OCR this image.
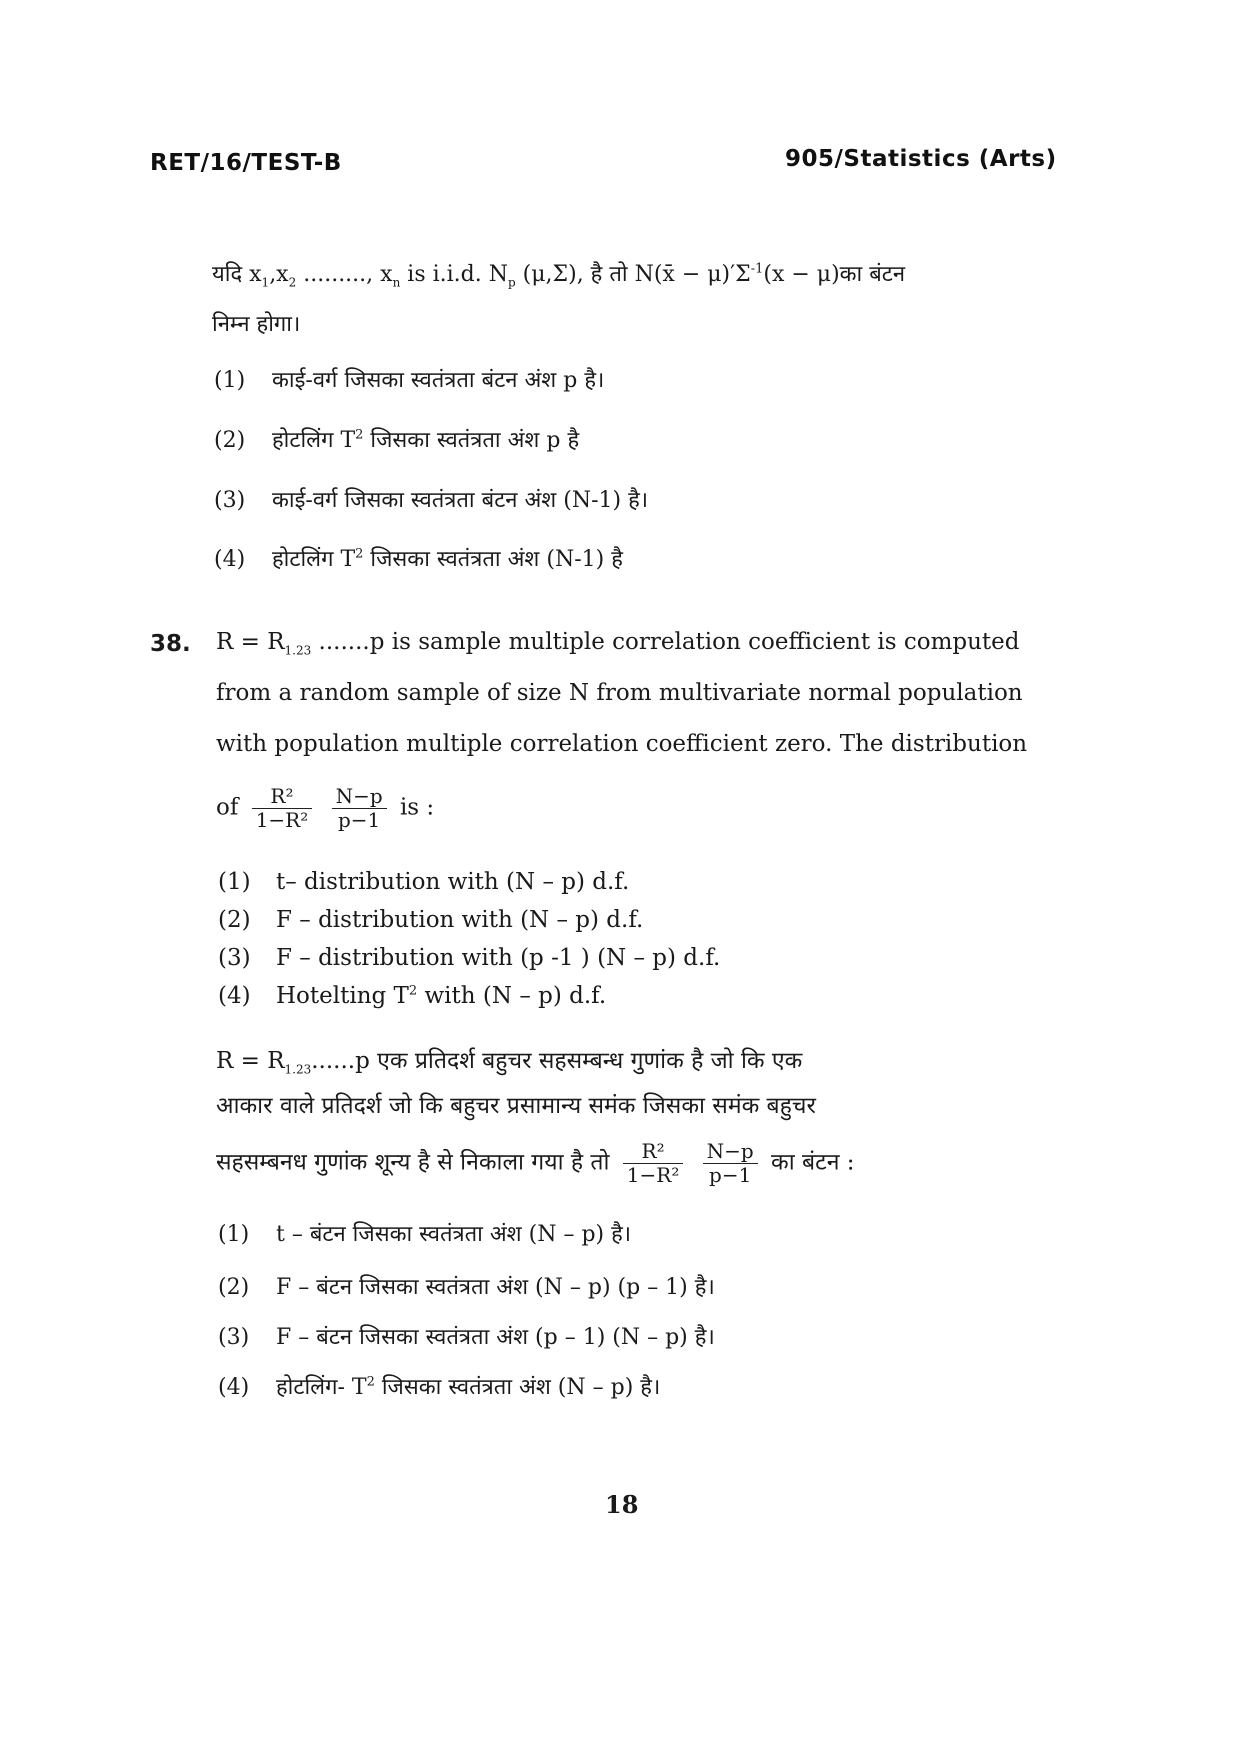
RET/16/TEST-B	905/Statistics (Arts)
यदि $x_1,x_2$ ........., $x_n$ is i.i.d. $N_p$ (μ,Σ), है तो N(x̄ − $\mu)'\Sigma^{-1}(x$ − μ)का बंटन
निम्न होगा।
(1) काई-वर्ग जिसका स्वतंत्रता बंटन अंश p है।
(2) होटलिंग $T^2$ जिसका स्वतंत्रता अंश p है
(3) काई-वर्ग जिसका स्वतंत्रता बंटन अंश (N-1) है।
(4) होटलिंग $T^2$ जिसका स्वतंत्रता अंश (N-1) है
38. $R = R_{1.23}$ .......p is sample multiple correlation coefficient is computed
from a random sample of size N from multivariate normal population
with population multiple correlation coefficient zero. The distribution
of $\frac{\text{R²}}{\text{1−R²}}$
$\frac{N-p}{p-1}$ is :
(1) t– distribution with (N – p) d.f.
(2) F – distribution with (N – p) d.f.
(3) F – distribution with (p -1 ) (N – p) d.f.
(4) Hotelting $T^2$ with (N – p) d.f.
$R = R_{1.23}......p$ एक प्रतिदर्श बहुचर सहसम्बन्ध गुणांक है जो कि एक
आकार वाले प्रतिदर्श जो कि बहुचर प्रसामान्य समंक जिसका समंक बहुचर
सहसम्बनध गुणांक शून्य है से निकाला गया है तो $\frac{\text{R²}}{\text{1−R²}}$
$\frac{N-p}{p-1}$ का बंटन :
(1) t – बंटन जिसका स्वतंत्रता अंश (N – p) है।
(2) F – बंटन जिसका स्वतंत्रता अंश (N – p) (p – 1) है।
(3) F – बंटन जिसका स्वतंत्रता अंश (p – 1) (N – p) है।
(4) होटलिंग- $T^2$ जिसका स्वतंत्रता अंश (N – p) है।
18
